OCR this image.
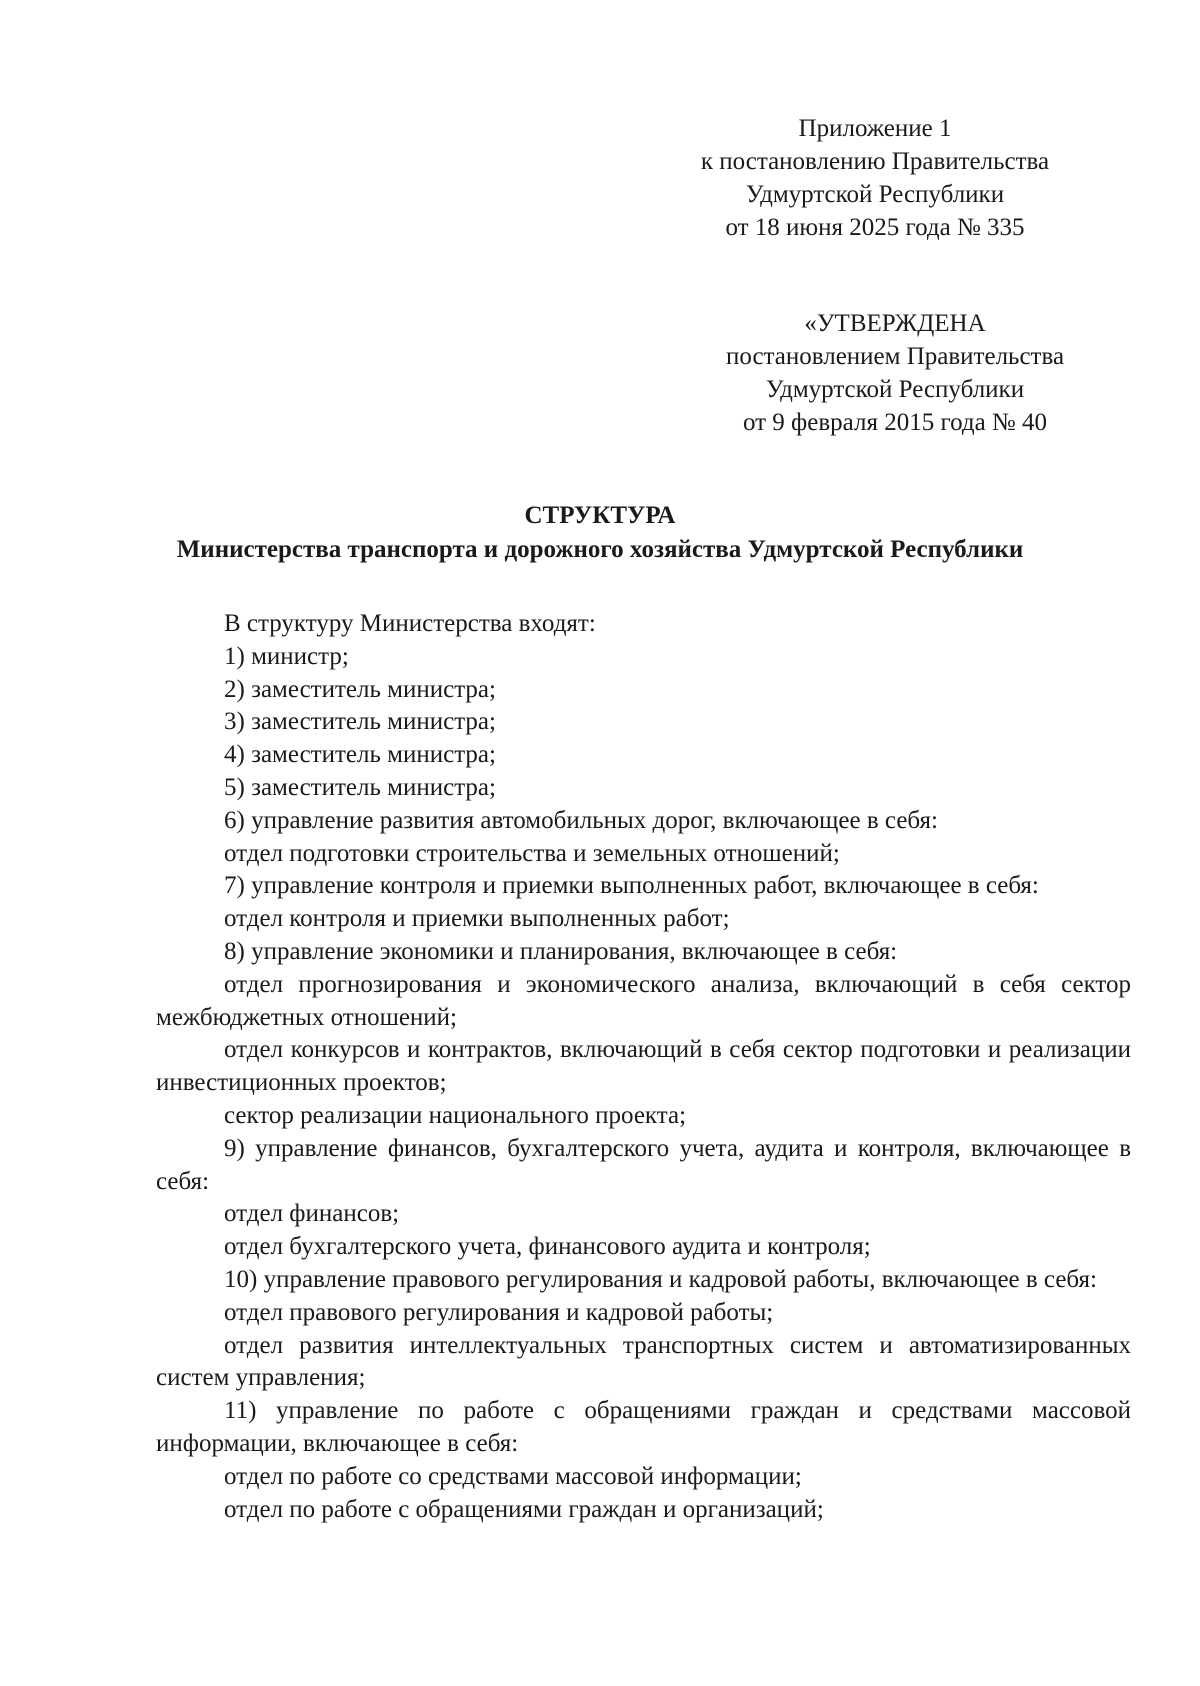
Приложение 1
к постановлению Правительства
Удмуртской Республики
от 18 июня 2025 года № 335
«УТВЕРЖДЕНА
постановлением Правительства
Удмуртской Республики
от 9 февраля 2015 года № 40
СТРУКТУРА
Министерства транспорта и дорожного хозяйства Удмуртской Республики

В структуру Министерства входят:

1) министр;

2) заместитель министра;

3) заместитель министра;

4) заместитель министра;

5) заместитель министра;

6) управление развития автомобильных дорог, включающее в себя:

отдел подготовки строительства и земельных отношений;

7) управление контроля и приемки выполненных работ, включающее в себя:

отдел контроля и приемки выполненных работ;

8) управление экономики и планирования, включающее в себя:

отдел прогнозирования и экономического анализа, включающий в себя сектор межбюджетных отношений;

отдел конкурсов и контрактов, включающий в себя сектор подготовки и реализации инвестиционных проектов;

сектор реализации национального проекта;

9) управление финансов, бухгалтерского учета, аудита и контроля, включающее в себя:

отдел финансов;

отдел бухгалтерского учета, финансового аудита и контроля;

10) управление правового регулирования и кадровой работы, включающее в себя:

отдел правового регулирования и кадровой работы;

отдел развития интеллектуальных транспортных систем и автоматизированных систем управления;

11) управление по работе с обращениями граждан и средствами массовой информации, включающее в себя:

отдел по работе со средствами массовой информации;

отдел по работе с обращениями граждан и организаций;
